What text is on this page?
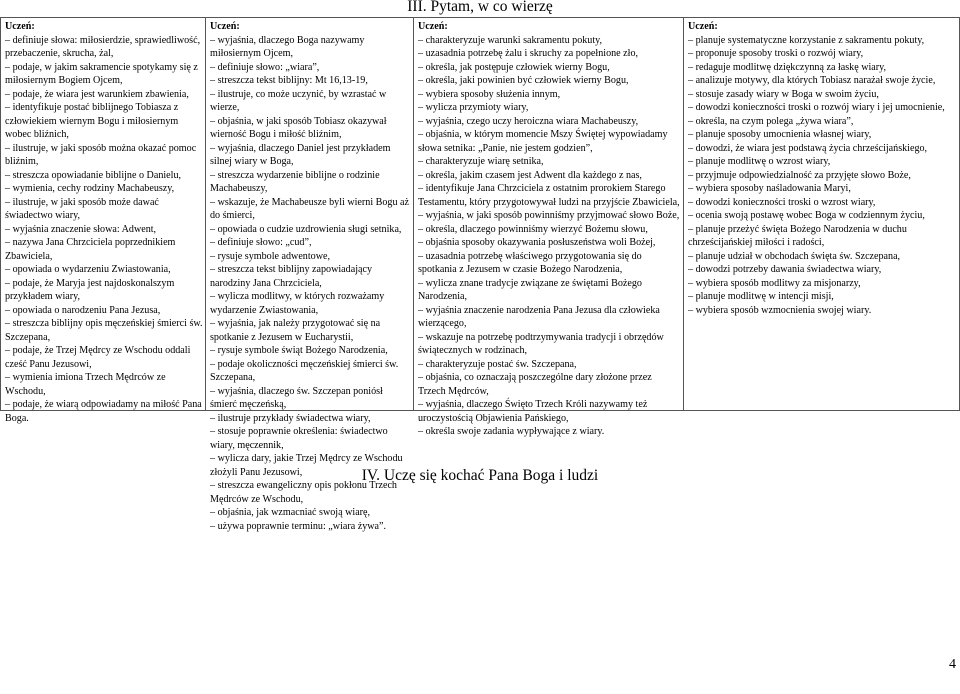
III. Pytam, w co wierzę
Uczeń:
– definiuje słowa: miłosierdzie, sprawiedliwość, przebaczenie, skrucha, żal,
– podaje, w jakim sakramencie spotykamy się z miłosiernym Bogiem Ojcem,
– podaje, że wiara jest warunkiem zbawienia,
– identyfikuje postać biblijnego Tobiasza z człowiekiem wiernym Bogu i miłosiernym wobec bliźnich,
– ilustruje, w jaki sposób można okazać pomoc bliźnim,
– streszcza opowiadanie biblijne o Danielu,
– wymienia, cechy rodziny Machabeuszy,
– ilustruje, w jaki sposób może dawać świadectwo wiary,
– wyjaśnia znaczenie słowa: Adwent,
– nazywa Jana Chrzciciela poprzednikiem Zbawiciela,
– opowiada o wydarzeniu Zwiastowania,
– podaje, że Maryja jest najdoskonalszym przykładem wiary,
– opowiada o narodzeniu Pana Jezusa,
– streszcza biblijny opis męczeńskiej śmierci św. Szczepana,
– podaje, że Trzej Mędrcy ze Wschodu oddali cześć Panu Jezusowi,
– wymienia imiona Trzech Mędrców ze Wschodu,
– podaje, że wiarą odpowiadamy na miłość Pana Boga.
Uczeń:
– wyjaśnia, dlaczego Boga nazywamy miłosiernym Ojcem,
– definiuje słowo: „wiara”,
– streszcza tekst biblijny: Mt 16,13-19,
– ilustruje, co może uczynić, by wzrastać w wierze,
– objaśnia, w jaki sposób Tobiasz okazywał wierność Bogu i miłość bliźnim,
– wyjaśnia, dlaczego Daniel jest przykładem silnej wiary w Boga,
– streszcza wydarzenie biblijne o rodzinie Machabeuszy,
– wskazuje, że Machabeusze byli wierni Bogu aż do śmierci,
– opowiada o cudzie uzdrowienia sługi setnika,
– definiuje słowo: „cud”,
– rysuje symbole adwentowe,
– streszcza tekst biblijny zapowiadający narodziny Jana Chrzciciela,
– wylicza modlitwy, w których rozważamy wydarzenie Zwiastowania,
– wyjaśnia, jak należy przygotować się na spotkanie z Jezusem w Eucharystii,
– rysuje symbole świąt Bożego Narodzenia,
– podaje okoliczności męczeńskiej śmierci św. Szczepana,
– wyjaśnia, dlaczego św. Szczepan poniósł śmierć męczeńską,
– ilustruje przykłady świadectwa wiary,
– stosuje poprawnie określenia: świadectwo wiary, męczennik,
– wylicza dary, jakie Trzej Mędrcy ze Wschodu złożyli Panu Jezusowi,
– streszcza ewangeliczny opis pokłonu Trzech Mędrców ze Wschodu,
– objaśnia, jak wzmacniać swoją wiarę,
– używa poprawnie terminu: „wiara żywa”.
Uczeń:
– charakteryzuje warunki sakramentu pokuty,
– uzasadnia potrzebę żalu i skruchy za popełnione zło,
– określa, jak postępuje człowiek wierny Bogu,
– określa, jaki powinien być człowiek wierny Bogu,
– wybiera sposoby służenia innym,
– wylicza przymioty wiary,
– wyjaśnia, czego uczy heroiczna wiara Machabeuszy,
– objaśnia, w którym momencie Mszy Świętej wypowiadamy słowa setnika: „Panie, nie jestem godzien”,
– charakteryzuje wiarę setnika,
– określa, jakim czasem jest Adwent dla każdego z nas,
– identyfikuje Jana Chrzciciela z ostatnim prorokiem Starego Testamentu, który przygotowywał ludzi na przyjście Zbawiciela,
– wyjaśnia, w jaki sposób powinniśmy przyjmować słowo Boże,
– określa, dlaczego powinniśmy wierzyć Bożemu słowu,
– objaśnia sposoby okazywania posłuszeństwa woli Bożej,
– uzasadnia potrzebę właściwego przygotowania się do spotkania z Jezusem w czasie Bożego Narodzenia,
– wylicza znane tradycje związane ze świętami Bożego Narodzenia,
– wyjaśnia znaczenie narodzenia Pana Jezusa dla człowieka wierzącego,
– wskazuje na potrzebę podtrzymywania tradycji i obrzędów świątecznych w rodzinach,
– charakteryzuje postać św. Szczepana,
– objaśnia, co oznaczają poszczególne dary złożone przez Trzech Mędrców,
– wyjaśnia, dlaczego Święto Trzech Króli nazywamy też uroczystością Objawienia Pańskiego,
– określa swoje zadania wypływające z wiary.
Uczeń:
– planuje systematyczne korzystanie z sakramentu pokuty,
– proponuje sposoby troski o rozwój wiary,
– redaguje modlitwę dziękczynną za łaskę wiary,
– analizuje motywy, dla których Tobiasz narażał swoje życie,
– stosuje zasady wiary w Boga w swoim życiu,
– dowodzi konieczności troski o rozwój wiary i jej umocnienie,
– określa, na czym polega „żywa wiara”,
– planuje sposoby umocnienia własnej wiary,
– dowodzi, że wiara jest podstawą życia chrześcijańskiego,
– planuje modlitwę o wzrost wiary,
– przyjmuje odpowiedzialność za przyjęte słowo Boże,
– wybiera sposoby naśladowania Maryi,
– dowodzi konieczności troski o wzrost wiary,
– ocenia swoją postawę wobec Boga w codziennym życiu,
– planuje przeżyć święta Bożego Narodzenia w duchu chrześcijańskiej miłości i radości,
– planuje udział w obchodach święta św. Szczepana,
– dowodzi potrzeby dawania świadectwa wiary,
– wybiera sposób modlitwy za misjonarzy,
– planuje modlitwę w intencji misji,
– wybiera sposób wzmocnienia swojej wiary.
IV. Uczę się kochać Pana Boga i ludzi
4
